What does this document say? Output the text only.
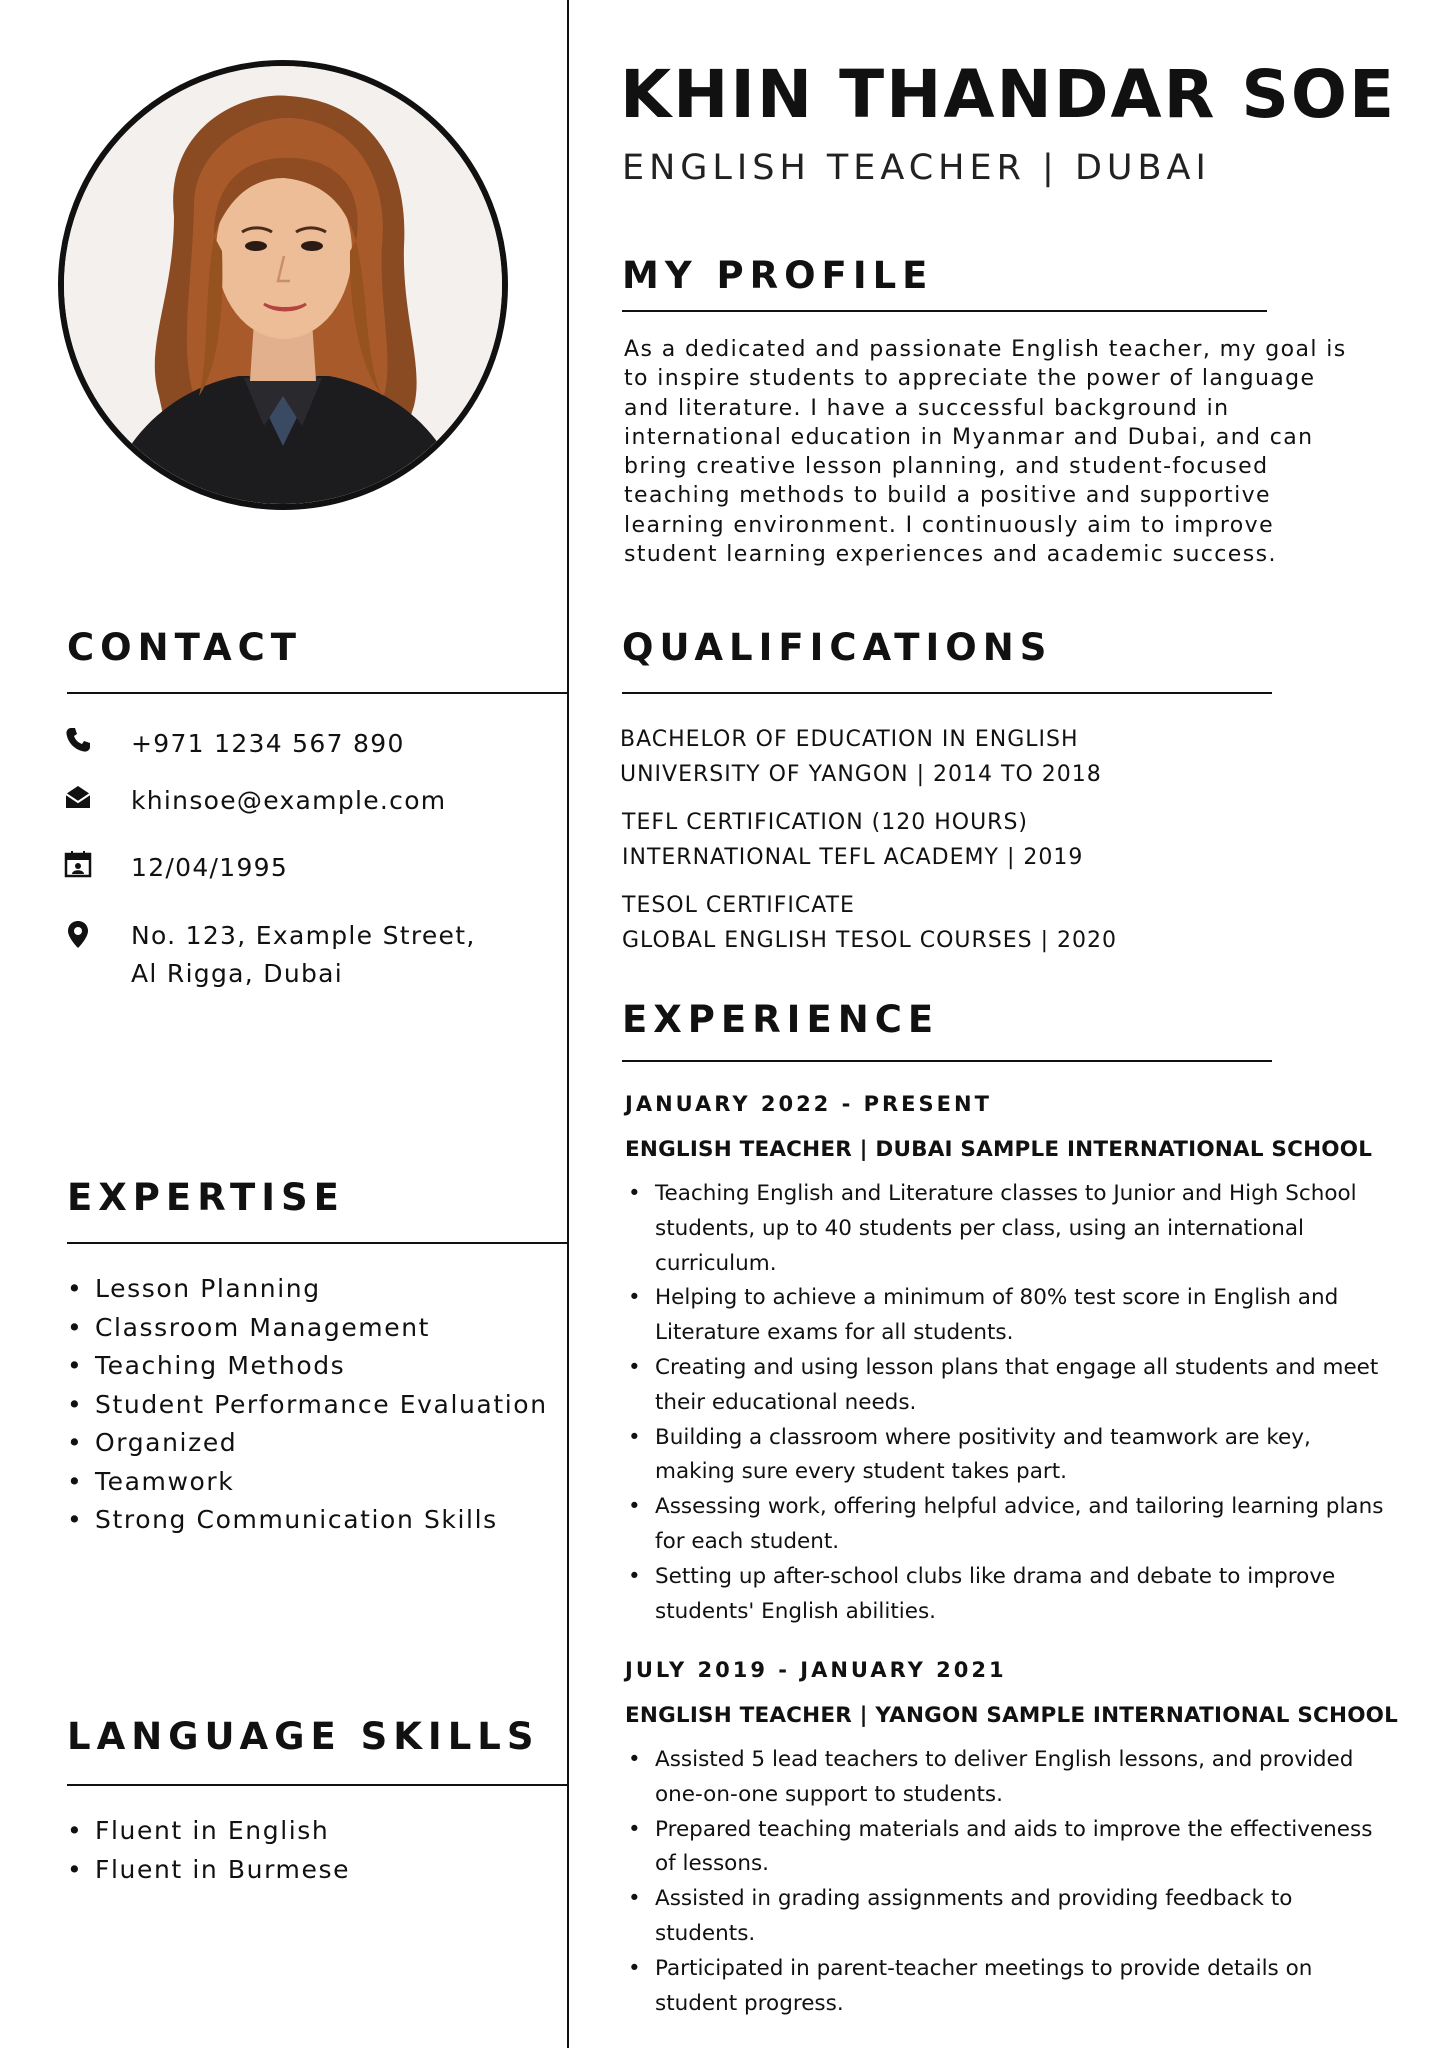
CONTACT
+971 1234 567 890
khinsoe@example.com
12/04/1995
No. 123, Example Street,
Al Rigga, Dubai
EXPERTISE
• Lesson Planning
• Classroom Management
• Teaching Methods
• Student Performance Evaluation
• Organized
• Teamwork
• Strong Communication Skills
LANGUAGE SKILLS
• Fluent in English
• Fluent in Burmese
KHIN THANDAR SOE
ENGLISH TEACHER | DUBAI
MY PROFILE

As a dedicated and passionate English teacher, my goal is to inspire students to appreciate the power of language and literature. I have a successful background in international education in Myanmar and Dubai, and can bring creative lesson planning, and student-focused teaching methods to build a positive and supportive learning environment. I continuously aim to improve student learning experiences and academic success.

QUALIFICATIONS
BACHELOR OF EDUCATION IN ENGLISH
UNIVERSITY OF YANGON | 2014 TO 2018
TEFL CERTIFICATION (120 HOURS)
INTERNATIONAL TEFL ACADEMY | 2019
TESOL CERTIFICATE
GLOBAL ENGLISH TESOL COURSES | 2020
EXPERIENCE
JANUARY 2022 - PRESENT
ENGLISH TEACHER | DUBAI SAMPLE INTERNATIONAL SCHOOL
• Teaching English and Literature classes to Junior and High School students, up to 40 students per class, using an international curriculum.
• Helping to achieve a minimum of 80% test score in English and Literature exams for all students.
• Creating and using lesson plans that engage all students and meet their educational needs.
• Building a classroom where positivity and teamwork are key, making sure every student takes part.
• Assessing work, offering helpful advice, and tailoring learning plans for each student.
• Setting up after-school clubs like drama and debate to improve students' English abilities.
JULY 2019 - JANUARY 2021
ENGLISH TEACHER | YANGON SAMPLE INTERNATIONAL SCHOOL
• Assisted 5 lead teachers to deliver English lessons, and provided one-on-one support to students.
• Prepared teaching materials and aids to improve the effectiveness of lessons.
• Assisted in grading assignments and providing feedback to students.
• Participated in parent-teacher meetings to provide details on student progress.
